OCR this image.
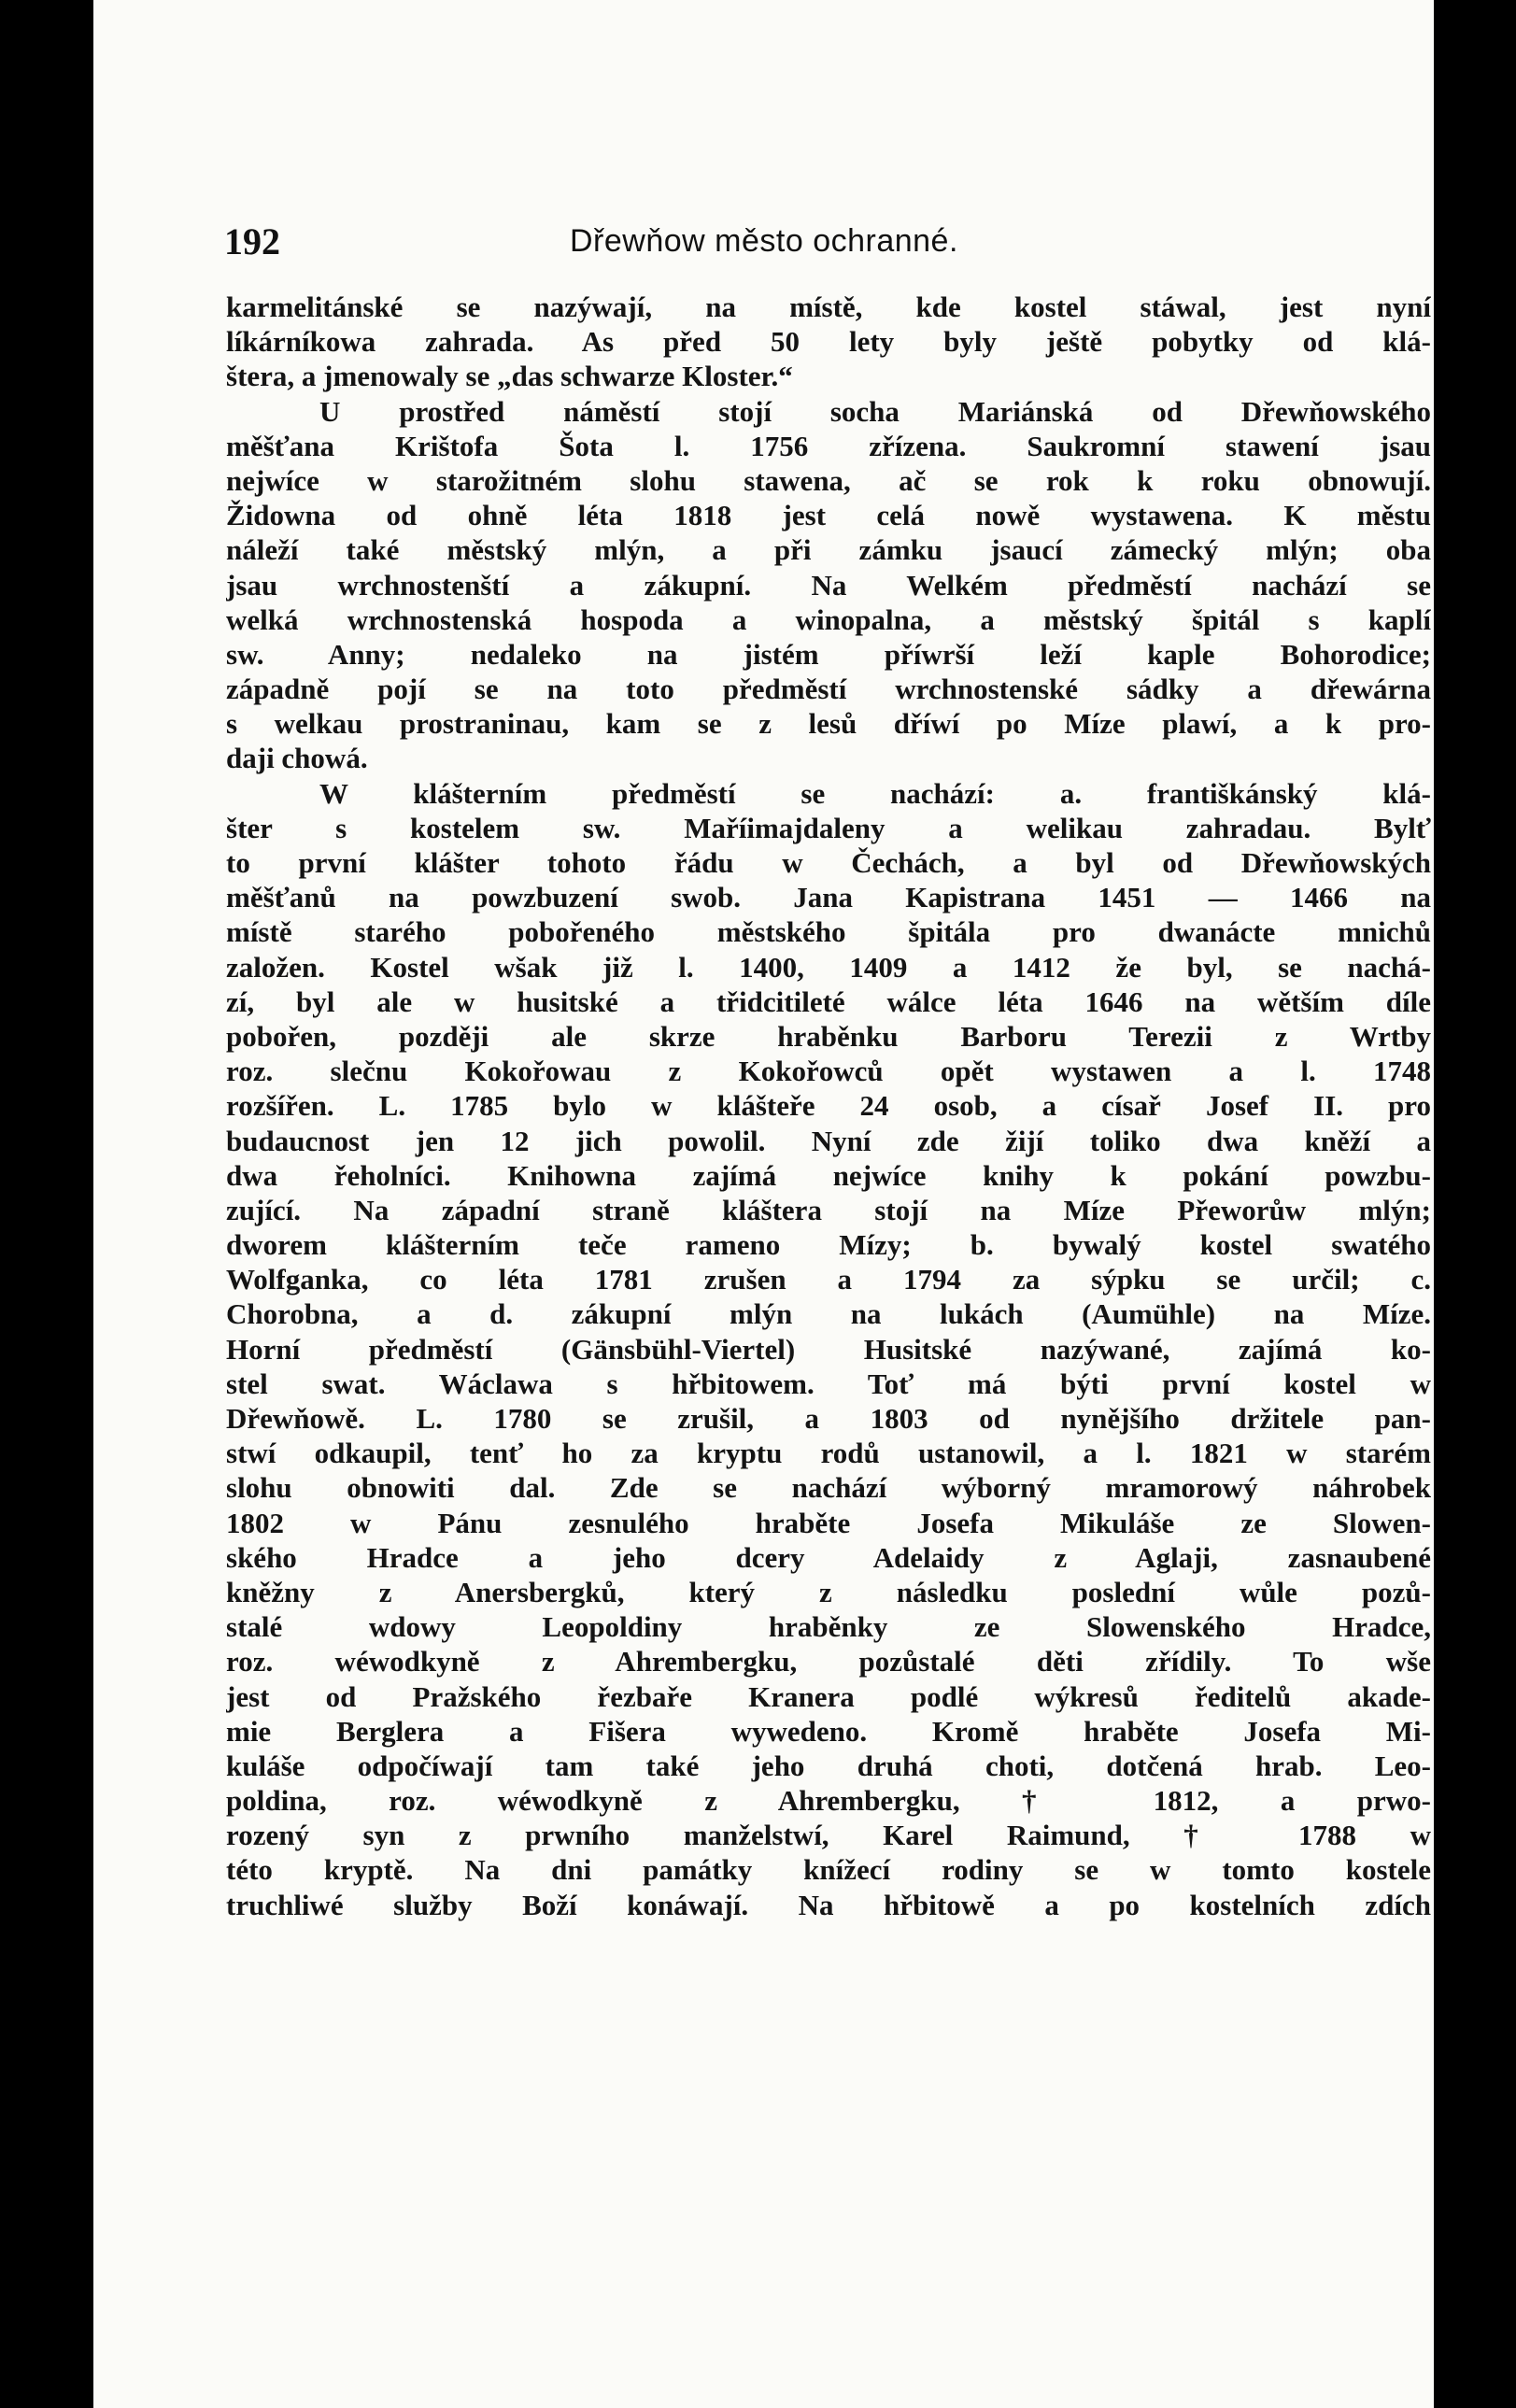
192	Dřewňow město ochranné.
karmelitánské se nazýwají, na místě, kde kostel stáwal, jest nyní
líkárníkowa zahrada. As před 50 lety byly ještě pobytky od klá-
štera, a jmenowaly se „das schwarze Kloster.“
U prostřed náměstí stojí socha Mariánská od Dřewňowského
měšťana Krištofa Šota l. 1756 zřízena. Saukromní stawení jsau
nejwíce w starožitném slohu stawena, ač se rok k roku obnowují.
Židowna od ohně léta 1818 jest celá nowě wystawena. K městu
náleží také městský mlýn, a při zámku jsaucí zámecký mlýn; oba
jsau wrchnostenští a zákupní. Na Welkém předměstí nachází se
welká wrchnostenská hospoda a winopalna, a městský špitál s kaplí
sw. Anny; nedaleko na jistém příwrší leží kaple Bohorodice;
západně pojí se na toto předměstí wrchnostenské sádky a dřewárna
s welkau prostraninau, kam se z lesů dříwí po Míze plawí, a k pro-
daji chowá.
W klášterním předměstí se nachází: a. františkánský klá-
šter s kostelem sw. Maříimajdaleny a welikau zahradau. Bylť
to první klášter tohoto řádu w Čechách, a byl od Dřewňowských
měšťanů na powzbuzení swob. Jana Kapistrana 1451 — 1466 na
místě starého pobořeného městského špitála pro dwanácte mnichů
založen. Kostel wšak již l. 1400, 1409 a 1412 že byl, se nachá-
zí, byl ale w husitské a třidcitileté wálce léta 1646 na wětším díle
pobořen, později ale skrze hraběnku Barboru Terezii z Wrtby
roz. slečnu Kokořowau z Kokořowců opět wystawen a l. 1748
rozšířen. L. 1785 bylo w klášteře 24 osob, a císař Josef II. pro
budaucnost jen 12 jich powolil. Nyní zde žijí toliko dwa kněží a
dwa řeholníci. Knihowna zajímá nejwíce knihy k pokání powzbu-
zující. Na západní straně kláštera stojí na Míze Přeworůw mlýn;
dworem klášterním teče rameno Mízy; b. bywalý kostel swatého
Wolfganka, co léta 1781 zrušen a 1794 za sýpku se určil; c.
Chorobna, a d. zákupní mlýn na lukách (Aumühle) na Míze.
Horní předměstí (Gänsbühl-Viertel) Husitské nazýwané, zajímá ko-
stel swat. Wáclawa s hřbitowem. Toť má býti první kostel w
Dřewňowě. L. 1780 se zrušil, a 1803 od nynějšího držitele pan-
stwí odkaupil, tenť ho za kryptu rodů ustanowil, a l. 1821 w starém
slohu obnowiti dal. Zde se nachází wýborný mramorowý náhrobek
1802 w Pánu zesnulého hraběte Josefa Mikuláše ze Slowen-
ského Hradce a jeho dcery Adelaidy z Aglaji, zasnaubené
kněžny z Anersbergků, který z následku poslední wůle pozů-
stalé wdowy Leopoldiny hraběnky ze Slowenského Hradce,
roz. wéwodkyně z Ahrembergku, pozůstalé děti zřídily. To wše
jest od Pražského řezbaře Kranera podlé wýkresů ředitelů akade-
mie Berglera a Fišera wywedeno. Kromě hraběte Josefa Mi-
kuláše odpočíwají tam také jeho druhá choti, dotčená hrab. Leo-
poldina, roz. wéwodkyně z Ahrembergku, † 1812, a prwo-
rozený syn z prwního manželstwí, Karel Raimund, † 1788 w
této kryptě. Na dni památky knížecí rodiny se w tomto kostele
truchliwé služby Boží konáwají. Na hřbitowě a po kostelních zdích
